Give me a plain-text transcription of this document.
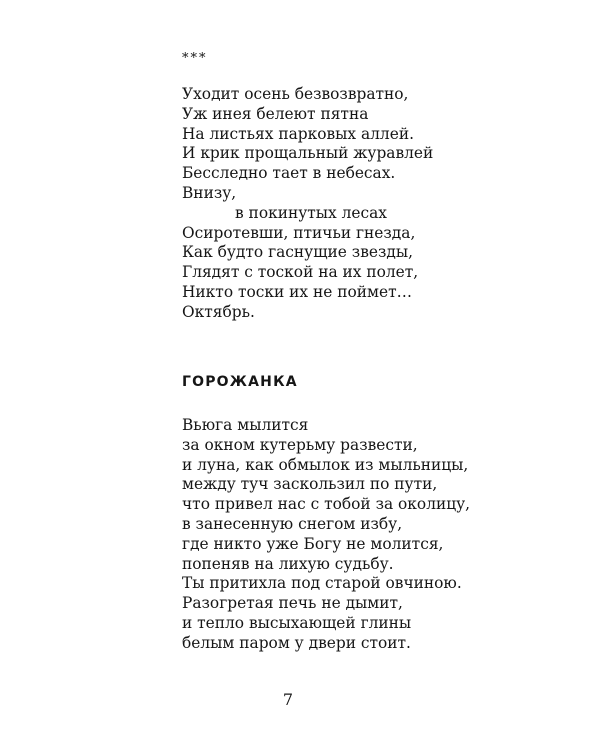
***
Уходит осень безвозвратно,
Уж инея белеют пятна
На листьях парковых аллей.
И крик прощальный журавлей
Бесследно тает в небесах.
Внизу,
в покинутых лесах
Осиротевши, птичьи гнезда,
Как будто гаснущие звезды,
Глядят с тоской на их полет,
Никто тоски их не поймет…
Октябрь.
ГОРОЖАНКА
Вьюга мылится
за окном кутерьму развести,
и луна, как обмылок из мыльницы,
между туч заскользил по пути,
что привел нас с тобой за околицу,
в занесенную снегом избу,
где никто уже Богу не молится,
попеняв на лихую судьбу.
Ты притихла под старой овчиною.
Разогретая печь не дымит,
и тепло высыхающей глины
белым паром у двери стоит.
7
